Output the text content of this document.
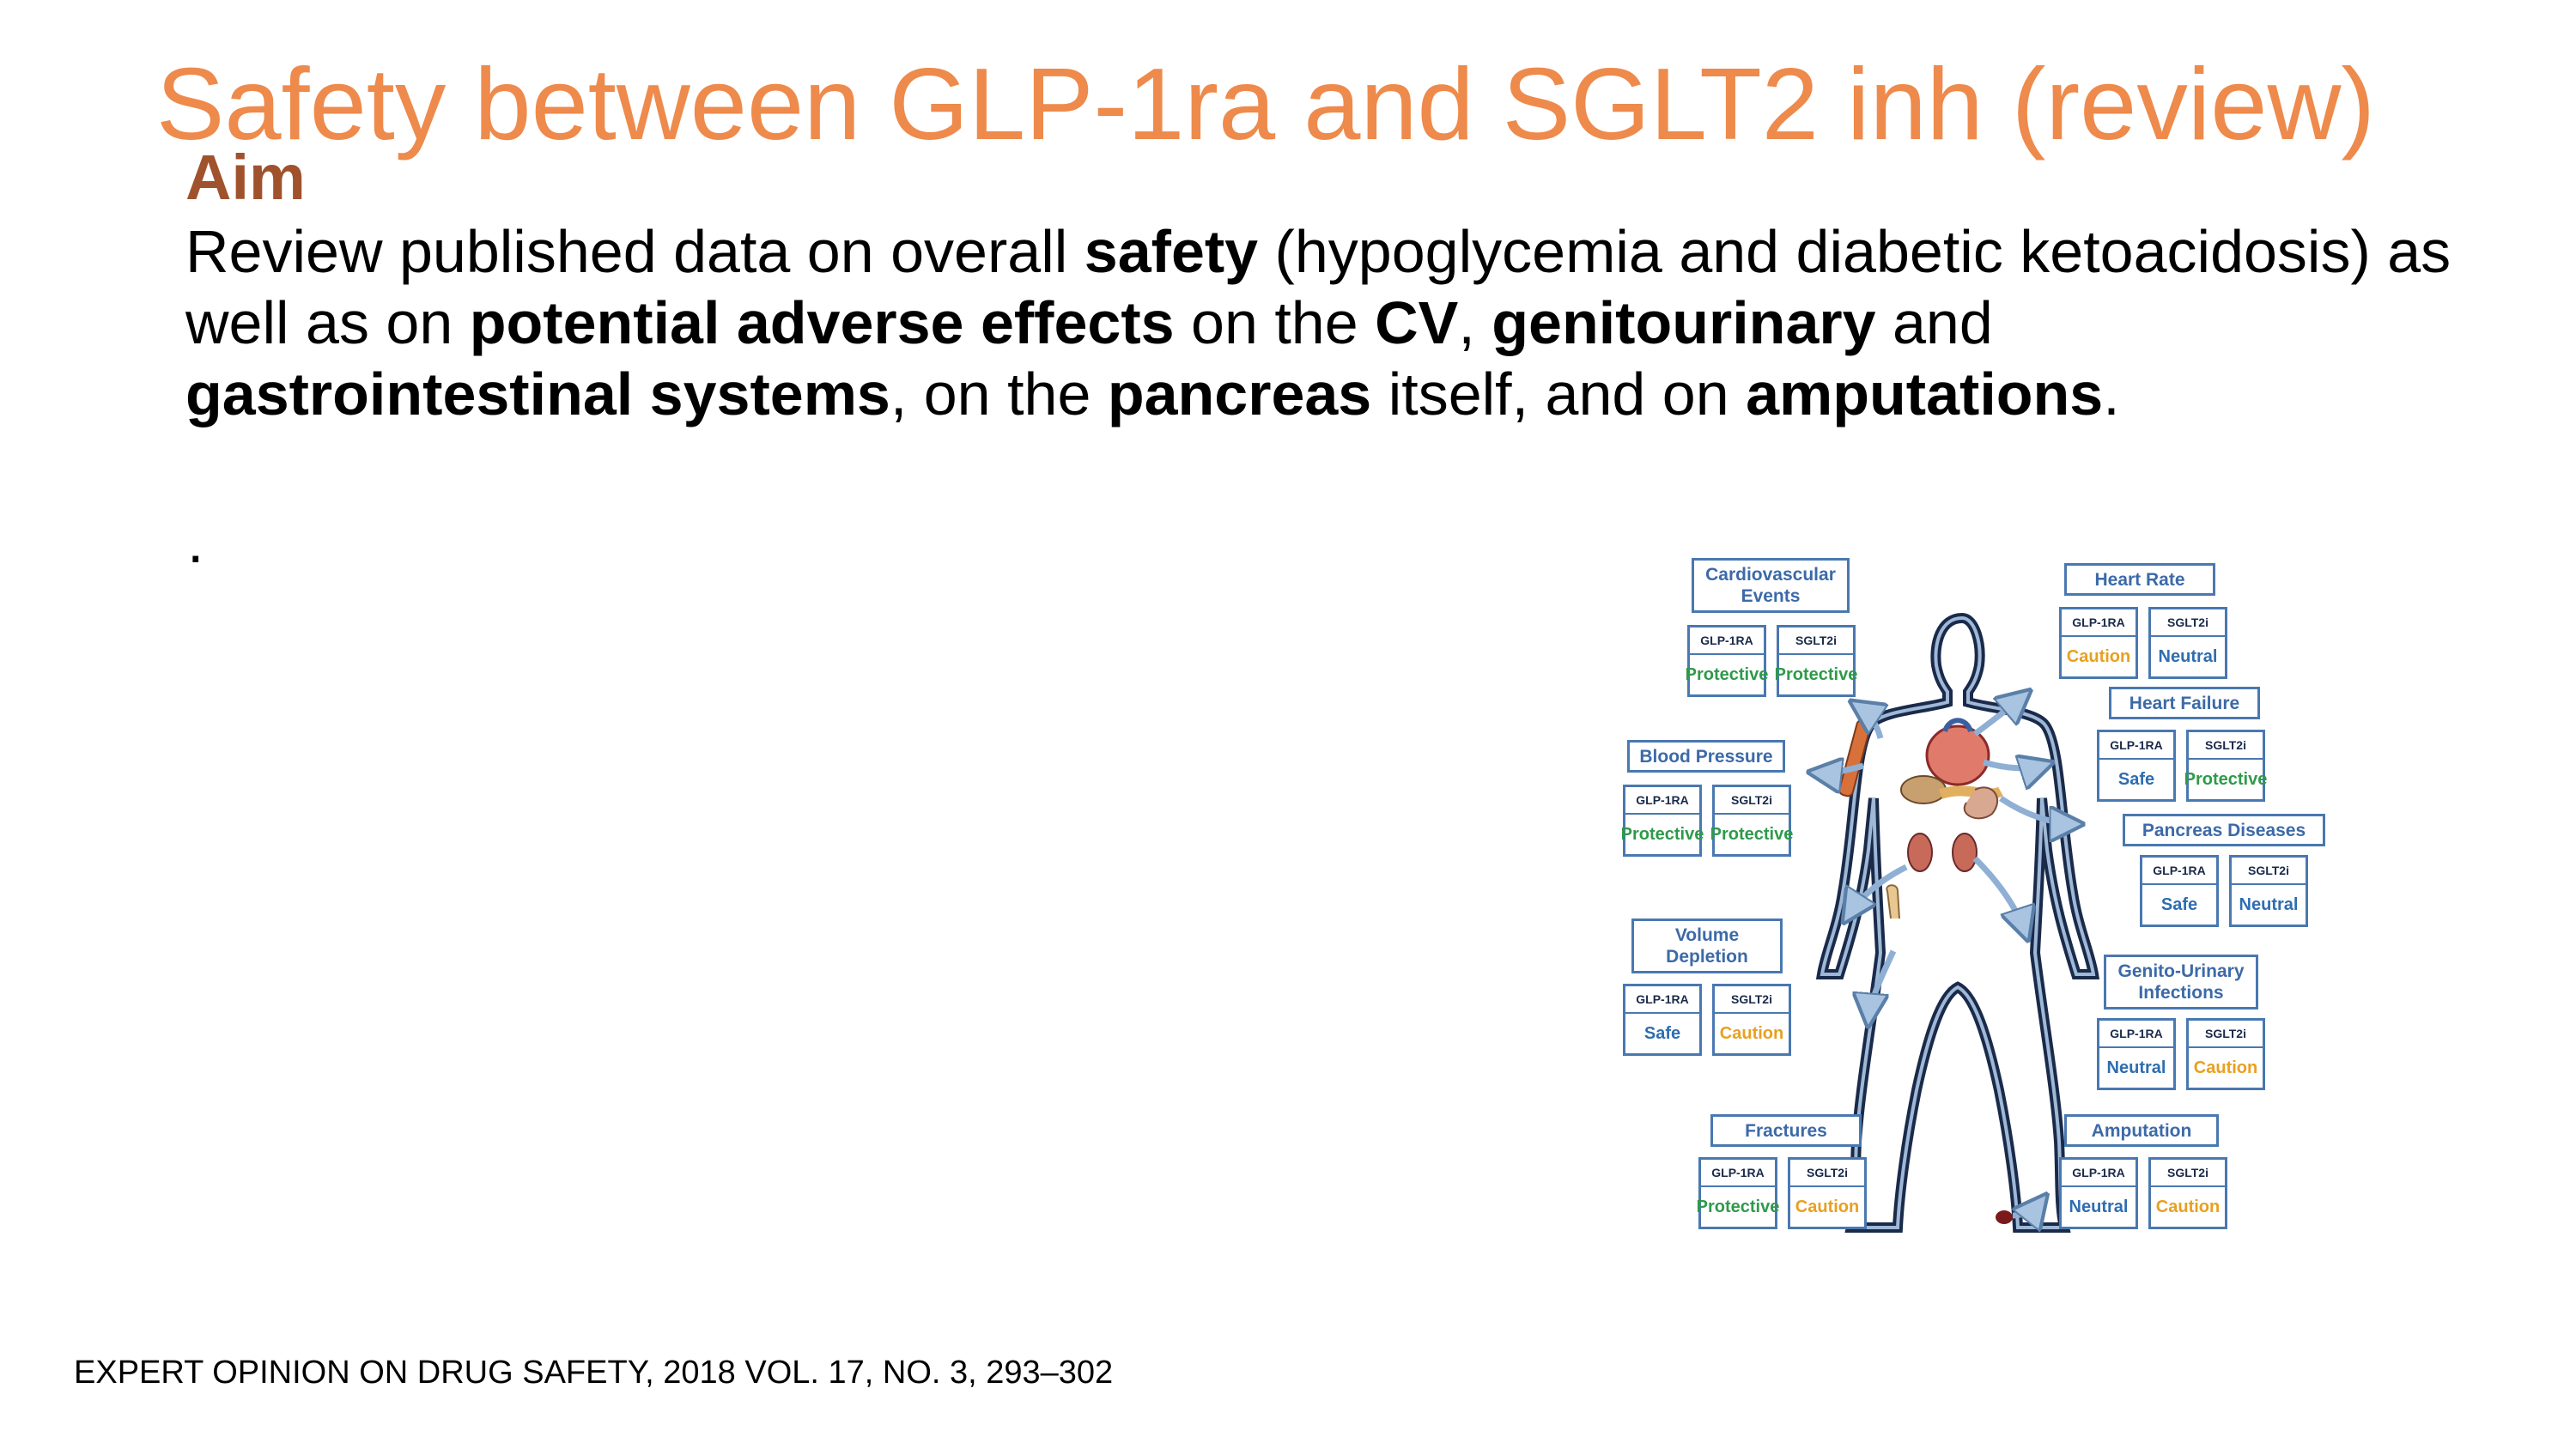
Safety between GLP-1ra and SGLT2 inh (review)
Aim
Review published data on overall safety (hypoglycemia and diabetic ketoacidosis) as well as on potential adverse effects on the CV, genitourinary and gastrointestinal systems, on the pancreas itself, and on amputations.
.	Cardiovascular Events
GLP-1RA
Protective
SGLT2i
Protective
Blood Pressure
GLP-1RA
Protective
SGLT2i
Protective
Volume Depletion
GLP-1RA
Safe
SGLT2i
Caution
Fractures
GLP-1RA
Protective
SGLT2i
Caution
Heart Rate
GLP-1RA
Caution
SGLT2i
Neutral
Heart Failure
GLP-1RA
Safe
SGLT2i
Protective
Pancreas Diseases
GLP-1RA
Safe
SGLT2i
Neutral
Genito-Urinary Infections
GLP-1RA
Neutral
SGLT2i
Caution
Amputation
GLP-1RA
Neutral
SGLT2i
Caution
EXPERT OPINION ON DRUG SAFETY, 2018 VOL. 17, NO. 3, 293–302
